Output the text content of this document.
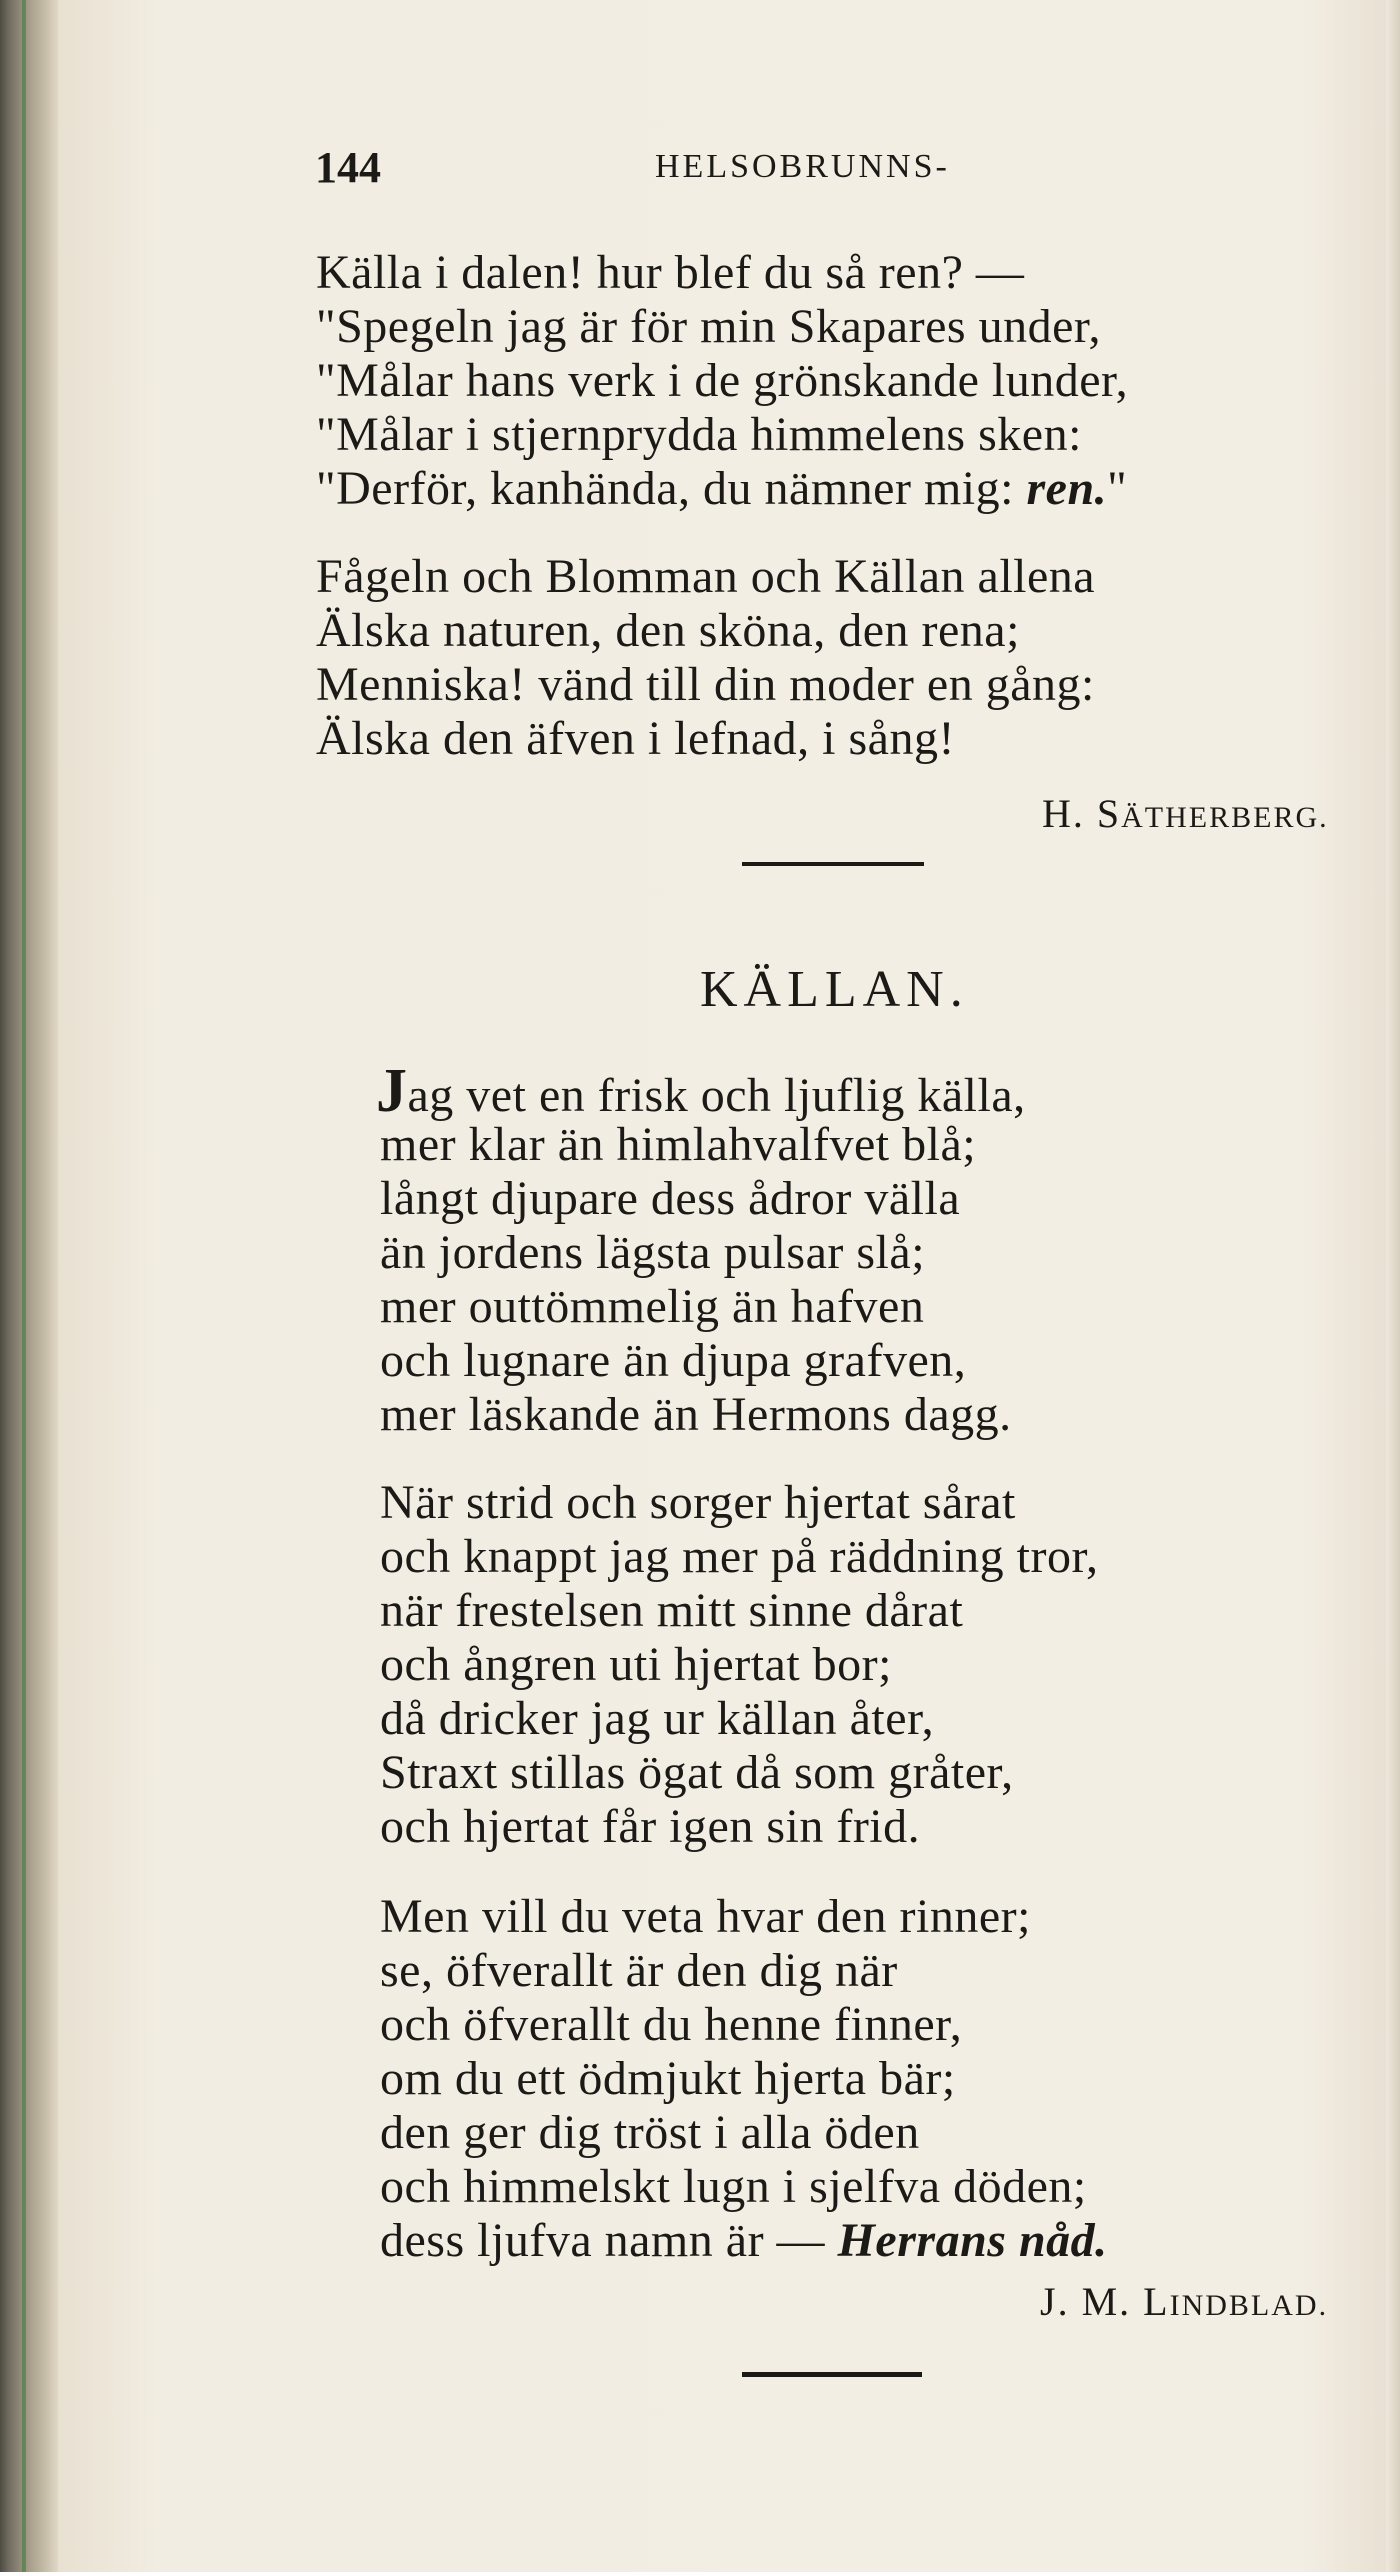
144	HELSOBRUNNS-
Källa i dalen! hur blef du så ren? —
"Spegeln jag är för min Skapares under,
"Målar hans verk i de grönskande lunder,
"Målar i stjernprydda himmelens sken:
"Derför, kanhända, du nämner mig: ren."
Fågeln och Blomman och Källan allena
Älska naturen, den sköna, den rena;
Menniska! vänd till din moder en gång:
Älska den äfven i lefnad, i sång!
H. SÄTHERBERG.
KÄLLAN.
Jag vet en frisk och ljuflig källa,
mer klar än himlahvalfvet blå;
långt djupare dess ådror välla
än jordens lägsta pulsar slå;
mer outtömmelig än hafven
och lugnare än djupa grafven,
mer läskande än Hermons dagg.
När strid och sorger hjertat sårat
och knappt jag mer på räddning tror,
när frestelsen mitt sinne dårat
och ångren uti hjertat bor;
då dricker jag ur källan åter,
Straxt stillas ögat då som gråter,
och hjertat får igen sin frid.
Men vill du veta hvar den rinner;
se, öfverallt är den dig när
och öfverallt du henne finner,
om du ett ödmjukt hjerta bär;
den ger dig tröst i alla öden
och himmelskt lugn i sjelfva döden;
dess ljufva namn är — Herrans nåd.
J. M. LINDBLAD.
